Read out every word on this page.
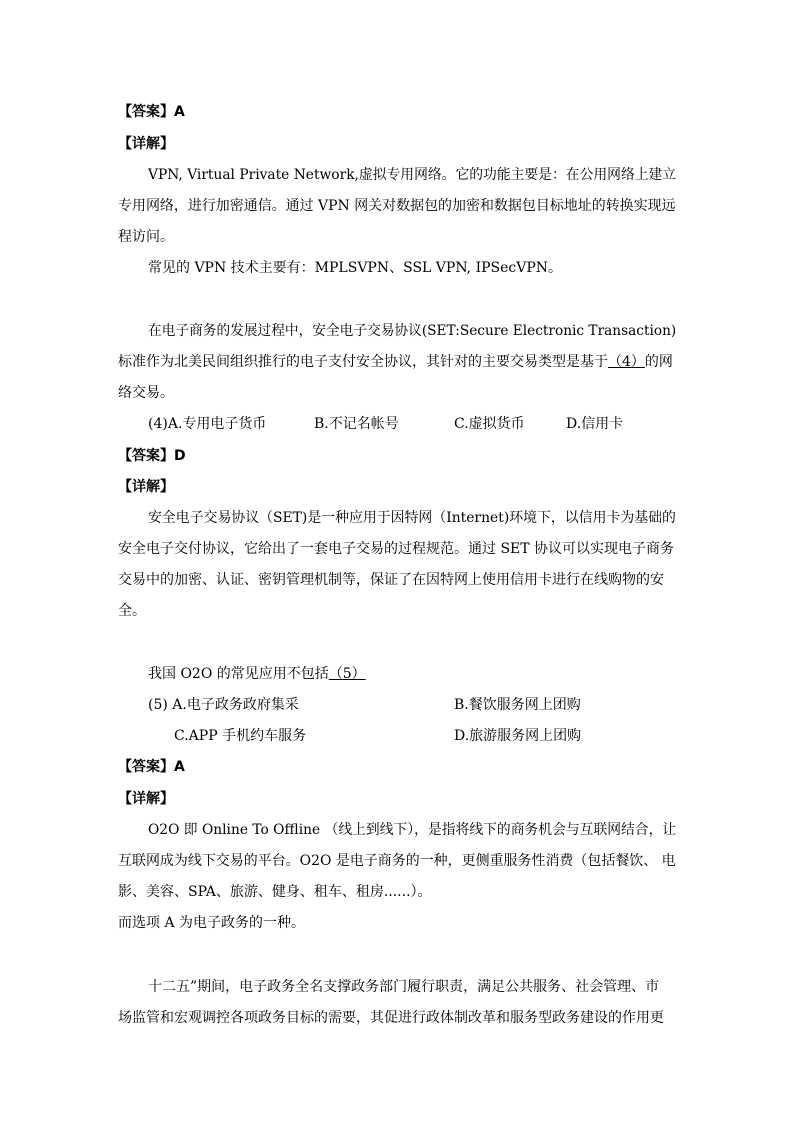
【答案】A
【详解】
VPN, Virtual Private Network,虚拟专用网络。它的功能主要是：在公用网络上建立
专用网络，进行加密通信。通过 VPN 网关对数据包的加密和数据包目标地址的转换实现远
程访问。
常见的 VPN 技术主要有：MPLSVPN、SSL VPN, IPSecVPN。
在电子商务的发展过程中，安全电子交易协议(SET:Secure Electronic Transaction)
标准作为北美民间组织推行的电子支付安全协议，其针对的主要交易类型是基于（4）的网
络交易。
(4)A.专用电子货币	B.不记名帐号	C.虚拟货币	D.信用卡
【答案】D
【详解】
安全电子交易协议（SET)是一种应用于因特网（Internet)环境下，以信用卡为基础的
安全电子交付协议，它给出了一套电子交易的过程规范。通过 SET 协议可以实现电子商务
交易中的加密、认证、密钥管理机制等，保证了在因特网上使用信用卡进行在线购物的安
全。
我国 O2O 的常见应用不包括（5）
(5) A.电子政务政府集采	B.餐饮服务网上团购
C.APP 手机约车服务	D.旅游服务网上团购
【答案】A
【详解】
O2O 即 Online To Offline （线上到线下），是指将线下的商务机会与互联网结合，让
互联网成为线下交易的平台。O2O 是电子商务的一种，更侧重服务性消费（包括餐饮、 电
影、美容、SPA、旅游、健身、租车、租房......）。
而选项 A 为电子政务的一种。
十二五”期间，电子政务全名支撑政务部门履行职责，满足公共服务、社会管理、市
场监管和宏观调控各项政务目标的需要，其促进行政体制改革和服务型政务建设的作用更
